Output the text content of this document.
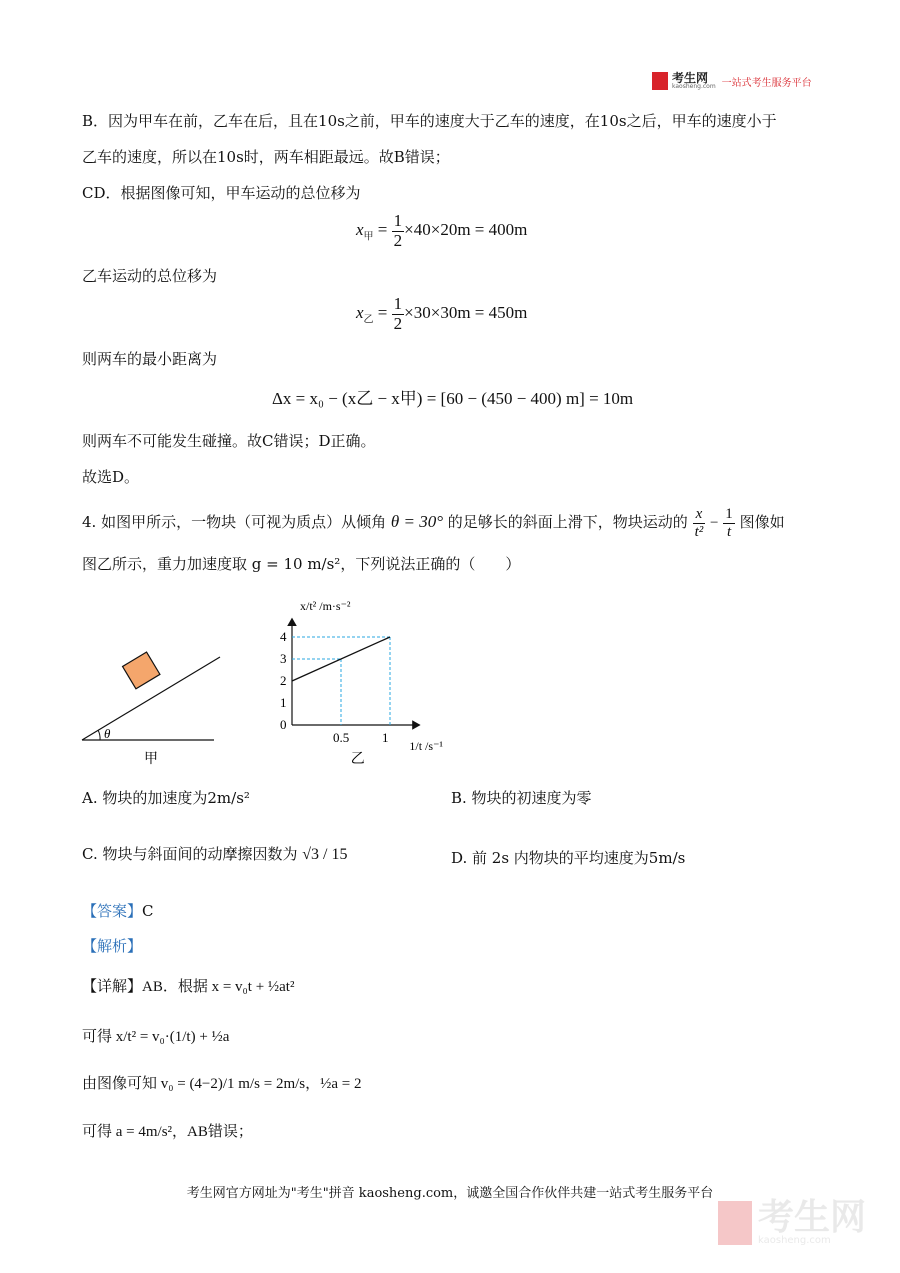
考生网
kaosheng.com 一站式考生服务平台
B．因为甲车在前，乙车在后，且在10s之前，甲车的速度大于乙车的速度，在10s之后，甲车的速度小于
乙车的速度，所以在10s时，两车相距最远。故B错误；
CD．根据图像可知，甲车运动的总位移为
$x_甲 = \frac{1}{2} \times 40\times 20m = 400m$
乙车运动的总位移为
$x_乙 = \frac{1}{2} \times 30\times 30m = 450m$
则两车的最小距离为
Δx = x₀ − (x乙 − x甲) = [60 − (450 − 400) m] = 10m
则两车不可能发生碰撞。故C错误；D正确。
故选D。
4. 如图甲所示，一物块（可视为质点）从倾角 θ = 30° 的足够长的斜面上滑下，物块运动的 $\frac{x}{\text{t²}} - \frac{1}{t}$ 图像如
图乙所示，重力加速度取 g = 10 m/s²，下列说法正确的（　　）
θ
甲
0
1
2
3
4
0.5	1
x/t² /m·s⁻²
1/t /s⁻¹
乙
A. 物块的加速度为2m/s²	B. 物块的初速度为零
C. 物块与斜面间的动摩擦因数为 √3 / 15	D. 前 2s 内物块的平均速度为5m/s
【答案】C
【解析】
【详解】AB．根据 x = v₀t + ½at²
可得 x/t² = v₀·(1/t) + ½a
由图像可知 v₀ = (4−2)/1 m/s = 2m/s，½a = 2
可得 a = 4m/s²，AB错误；
考生网官方网址为"考生"拼音 kaosheng.com，诚邀全国合作伙伴共建一站式考生服务平台
考生网
kaosheng.com
